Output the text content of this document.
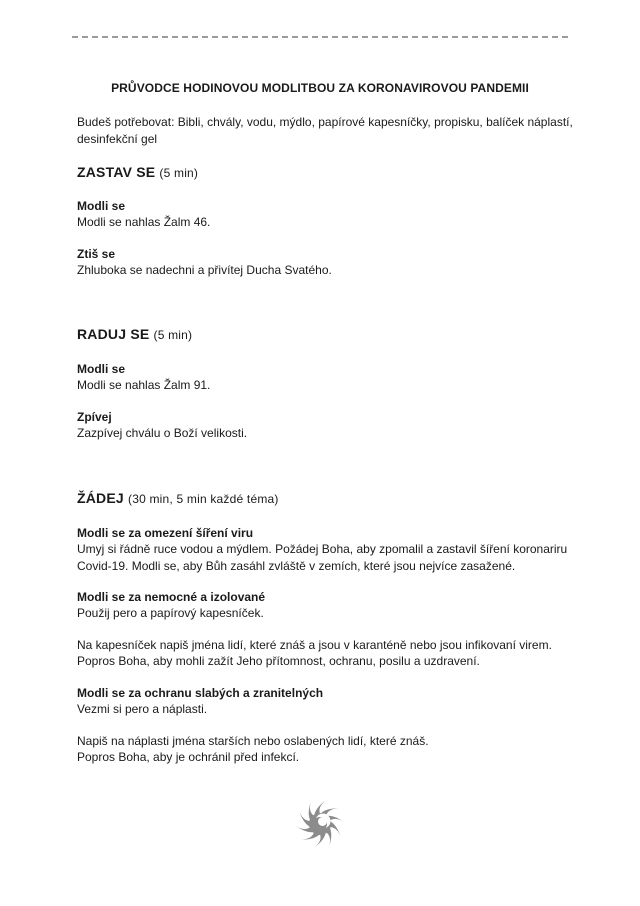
PRŮVODCE HODINOVOU MODLITBOU ZA KORONAVIROVOU PANDEMII

Budeš potřebovat: Bibli, chvály, vodu, mýdlo, papírové kapesníčky, propisku, balíček náplastí, desinfekční gel

ZASTAV SE (5 min)

Modli se

Modli se nahlas Žalm 46.

Ztiš se

Zhluboka se nadechni a přivítej Ducha Svatého.

RADUJ SE (5 min)

Modli se

Modli se nahlas Žalm 91.

Zpívej

Zazpívej chválu o Boží velikosti.

ŽÁDEJ (30 min, 5 min každé téma)

Modli se za omezení šíření viru

Umyj si řádně ruce vodou a mýdlem. Požádej Boha, aby zpomalil a zastavil šíření koronariru Covid-19. Modli se, aby Bůh zasáhl zvláště v zemích, které jsou nejvíce zasažené.

Modli se za nemocné a izolované

Použij pero a papírový kapesníček.

Na kapesníček napiš jména lidí, které znáš a jsou v karanténě nebo jsou infikovaní virem.

Popros Boha, aby mohli zažít Jeho přítomnost, ochranu, posilu a uzdravení.

Modli se za ochranu slabých a zranitelných

Vezmi si pero a náplasti.

Napiš na náplasti jména starších nebo oslabených lidí, které znáš.

Popros Boha, aby je ochránil před infekcí.
